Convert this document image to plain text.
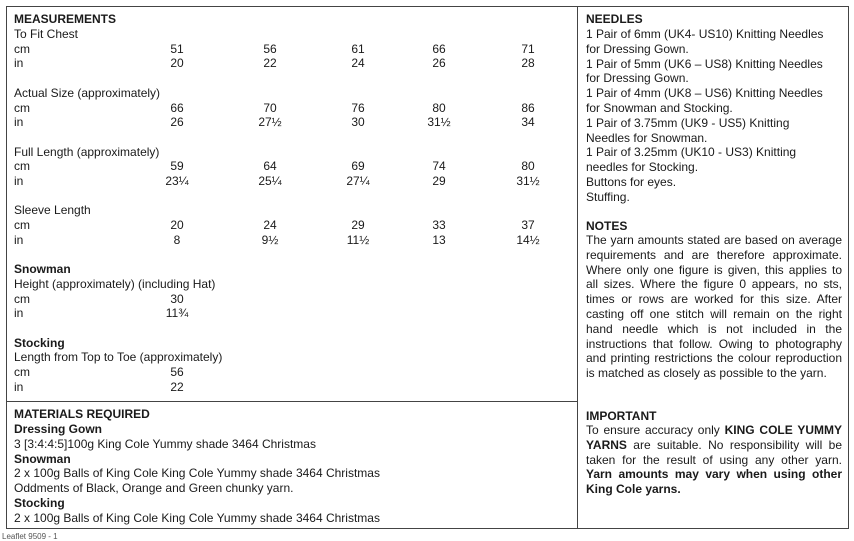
MEASUREMENTS
To Fit Chest
cm	51	56	61	66	71
in	20	22	24	26	28
Actual Size (approximately)
cm	66	70	76	80	86
in	26	27½	30	31½	34
Full Length (approximately)
cm	59	64	69	74	80
in	23¼	25¼	27¼	29	31½
Sleeve Length
cm	20	24	29	33	37
in	8	9½	11½	13	14½
Snowman
Height (approximately) (including Hat)
cm	30
in	11¾
Stocking
Length from Top to Toe (approximately)
cm	56
in	22
MATERIALS REQUIRED
Dressing Gown
3 [3:4:4:5]100g King Cole Yummy shade 3464 Christmas
Snowman
2 x 100g Balls of King Cole King Cole Yummy shade 3464 Christmas
Oddments of Black, Orange and Green chunky yarn.
Stocking
2 x 100g Balls of King Cole King Cole Yummy shade 3464 Christmas
NEEDLES
1 Pair of 6mm (UK4- US10) Knitting Needles
for Dressing Gown.
1 Pair of 5mm (UK6 – US8) Knitting Needles
for Dressing Gown.
1 Pair of 4mm (UK8 – US6) Knitting Needles
for Snowman and Stocking.
1 Pair of 3.75mm (UK9 - US5) Knitting
Needles for Snowman.
1 Pair of 3.25mm (UK10 - US3) Knitting
needles for Stocking.
Buttons for eyes.
Stuffing.
NOTES
The yarn amounts stated are based on average requirements and are therefore approximate. Where only one figure is given, this applies to all sizes. Where the figure 0 appears, no sts, times or rows are worked for this size. After casting off one stitch will remain on the right hand needle which is not included in the instructions that follow. Owing to photography and printing restrictions the colour reproduction is matched as closely as possible to the yarn.
IMPORTANT
To ensure accuracy only KING COLE YUMMY YARNS are suitable. No responsibility will be taken for the result of using any other yarn. Yarn amounts may vary when using other King Cole yarns.
Leaflet 9509 - 1
